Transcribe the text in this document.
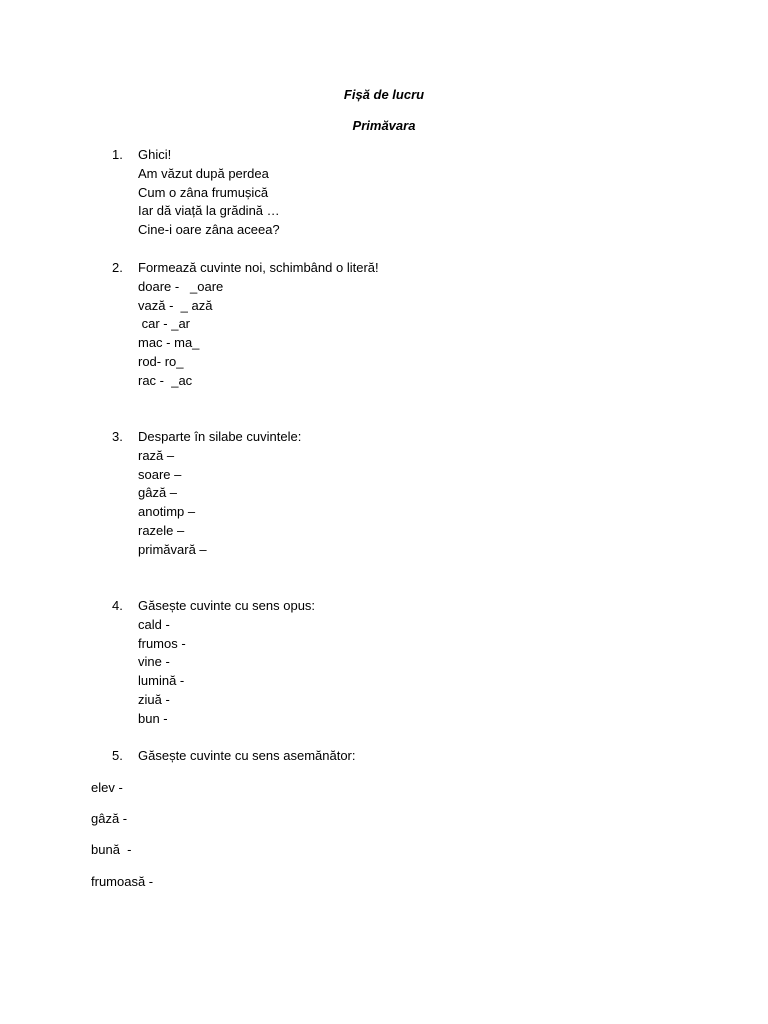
Fișă de lucru
Primăvara
1.	Ghici!
Am văzut după perdea
Cum o zâna frumușică
Iar dă viață la grădină …
Cine-i oare zâna aceea?
2.	Formează cuvinte noi, schimbând o literă!
doare -   _oare
vază -  _ ază
car - _ar
mac - ma_
rod- ro_
rac -  _ac
3.	Desparte în silabe cuvintele:
rază –
soare –
gâză –
anotimp –
razele –
primăvară –
4.	Găsește cuvinte cu sens opus:
cald -
frumos -
vine -
lumină -
ziuă -
bun -
5.	Găsește cuvinte cu sens asemănător:
elev -
gâză -
bună  -
frumoasă -
